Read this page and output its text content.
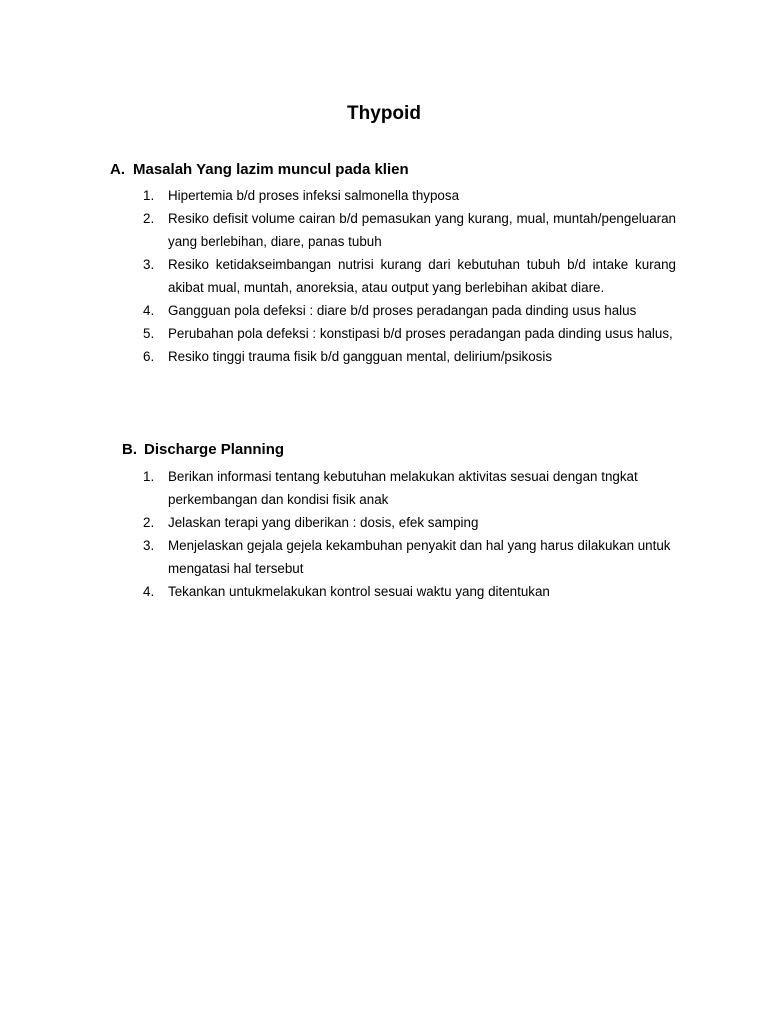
Thypoid
A. Masalah Yang lazim muncul pada klien
1.	Hipertemia b/d proses infeksi salmonella thyposa
2.	Resiko defisit volume cairan b/d pemasukan yang kurang, mual, muntah/pengeluaran yang berlebihan, diare, panas tubuh
3.	Resiko ketidakseimbangan nutrisi kurang dari kebutuhan tubuh b/d intake kurang akibat mual, muntah, anoreksia, atau output yang berlebihan akibat diare.
4.	Gangguan pola defeksi : diare b/d proses peradangan pada dinding usus halus
5.	Perubahan pola defeksi : konstipasi b/d proses peradangan pada dinding usus halus,
6.	Resiko tinggi trauma fisik b/d gangguan mental, delirium/psikosis
B. Discharge Planning
1.	Berikan informasi tentang kebutuhan melakukan aktivitas sesuai dengan tngkat perkembangan dan kondisi fisik anak
2.	Jelaskan terapi yang diberikan : dosis, efek samping
3.	Menjelaskan gejala gejela kekambuhan penyakit dan hal yang harus dilakukan untuk mengatasi hal tersebut
4.	Tekankan untukmelakukan kontrol sesuai waktu yang ditentukan
